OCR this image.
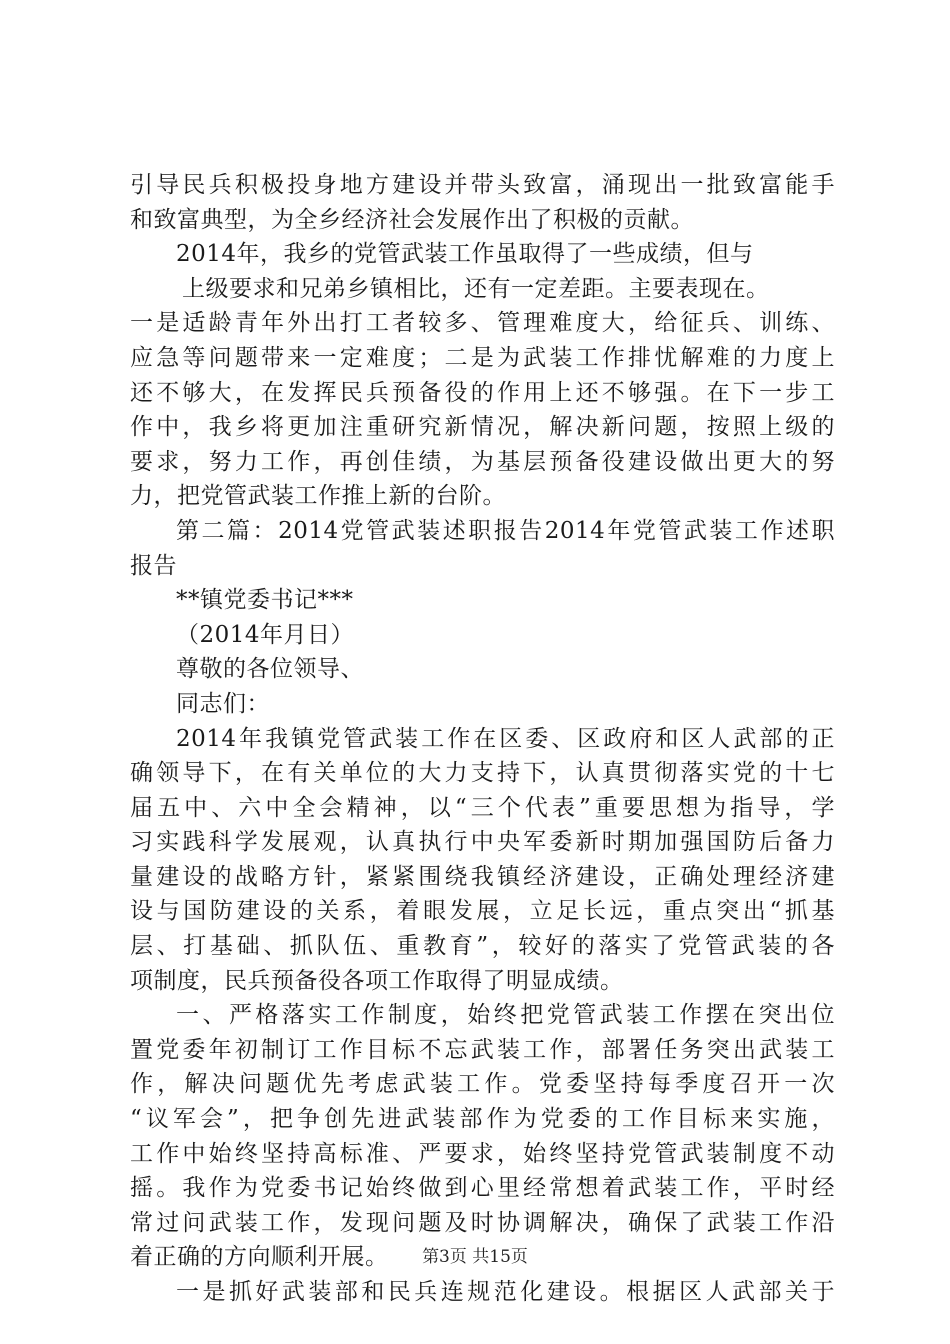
引导民兵积极投身地方建设并带头致富，涌现出一批致富能手
和致富典型，为全乡经济社会发展作出了积极的贡献。
2014年，我乡的党管武装工作虽取得了一些成绩，但与
上级要求和兄弟乡镇相比，还有一定差距。主要表现在。
一是适龄青年外出打工者较多、管理难度大，给征兵、训练、
应急等问题带来一定难度；二是为武装工作排忧解难的力度上
还不够大，在发挥民兵预备役的作用上还不够强。在下一步工
作中，我乡将更加注重研究新情况，解决新问题，按照上级的
要求，努力工作，再创佳绩，为基层预备役建设做出更大的努
力，把党管武装工作推上新的台阶。
第二篇：2014党管武装述职报告2014年党管武装工作述职
报告
**镇党委书记***
（2014年月日）
尊敬的各位领导、
同志们：
2014年我镇党管武装工作在区委、区政府和区人武部的正
确领导下，在有关单位的大力支持下，认真贯彻落实党的十七
届五中、六中全会精神，以“三个代表”重要思想为指导，学
习实践科学发展观，认真执行中央军委新时期加强国防后备力
量建设的战略方针，紧紧围绕我镇经济建设，正确处理经济建
设与国防建设的关系，着眼发展，立足长远，重点突出“抓基
层、打基础、抓队伍、重教育”，较好的落实了党管武装的各
项制度，民兵预备役各项工作取得了明显成绩。
一、严格落实工作制度，始终把党管武装工作摆在突出位
置党委年初制订工作目标不忘武装工作，部署任务突出武装工
作，解决问题优先考虑武装工作。党委坚持每季度召开一次
“议军会”，把争创先进武装部作为党委的工作目标来实施，
工作中始终坚持高标准、严要求，始终坚持党管武装制度不动
摇。我作为党委书记始终做到心里经常想着武装工作，平时经
常过问武装工作，发现问题及时协调解决，确保了武装工作沿
着正确的方向顺利开展。
一是抓好武装部和民兵连规范化建设。根据区人武部关于
第3页 共15页
